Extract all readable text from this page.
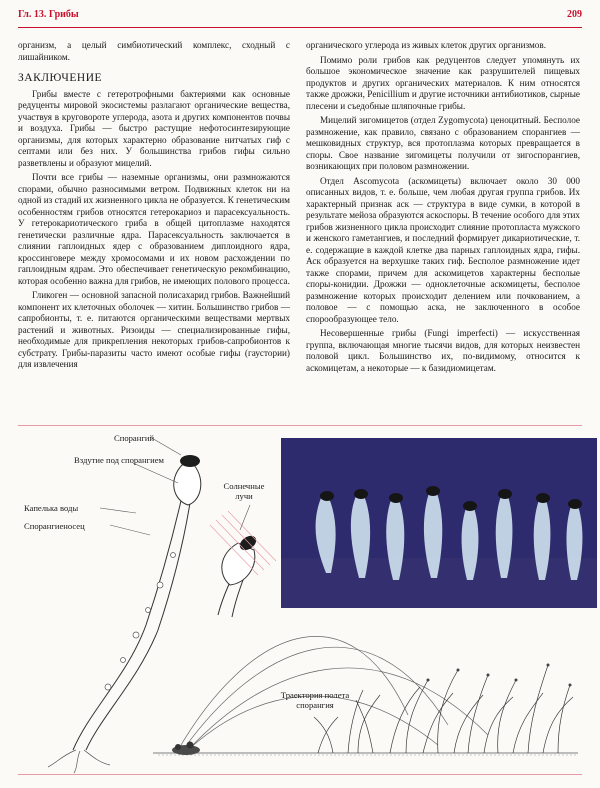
Гл. 13. Грибы	209

организм, а целый симбиотический комплекс, сходный с лишайником.

ЗАКЛЮЧЕНИЕ

Грибы вместе с гетеротрофными бактериями как основные редуценты мировой экосистемы разлагают органические вещества, участвуя в круговороте углерода, азота и других компонентов почвы и воздуха. Грибы — быстро растущие нефотосинтезирующие организмы, для которых характерно образование нитчатых гиф с септами или без них. У большинства грибов гифы сильно разветвлены и образуют мицелий.

Почти все грибы — наземные организмы, они размножаются спорами, обычно разносимыми ветром. Подвижных клеток ни на одной из стадий их жизненного цикла не образуется. К генетическим особенностям грибов относятся гетерокариоз и парасексуальность. У гетерокариотического гриба в общей цитоплазме находятся генетически различные ядра. Парасексуальность заключается в слиянии гаплоидных ядер с образованием диплоидного ядра, кроссинговере между хромосомами и их новом расхождении по гаплоидным ядрам. Это обеспечивает генетическую рекомбинацию, которая особенно важна для грибов, не имеющих полового процесса.

Гликоген — основной запасной полисахарид грибов. Важнейший компонент их клеточных оболочек — хитин. Большинство грибов — сапробионты, т. е. питаются органическими веществами мертвых растений и животных. Ризоиды — специализированные гифы, необходимые для прикрепления некоторых грибов-сапробионтов к субстрату. Грибы-паразиты часто имеют особые гифы (гаустории) для извлечения

органического углерода из живых клеток других организмов.

Помимо роли грибов как редуцентов следует упомянуть их большое экономическое значение как разрушителей пищевых продуктов и других органических материалов. К ним относятся также дрожжи, Penicillium и другие источники антибиотиков, сырные плесени и съедобные шляпочные грибы.

Мицелий зигомицетов (отдел Zygomycota) ценоцитный. Бесполое размножение, как правило, связано с образованием спорангиев — мешковидных структур, вся протоплазма которых превращается в споры. Свое название зигомицеты получили от зигоспорангиев, возникающих при половом размножении.

Отдел Ascomycota (аскомицеты) включает около 30 000 описанных видов, т. е. больше, чем любая другая группа грибов. Их характерный признак аск — структура в виде сумки, в которой в результате мейоза образуются аскоспоры. В течение особого для этих грибов жизненного цикла происходит слияние протопласта мужского и женского гаметангиев, и последний формирует дикариотические, т. е. содержащие в каждой клетке два парных гаплоидных ядра, гифы. Аск образуется на верхушке таких гиф. Бесполое размножение идет также спорами, причем для аскомицетов характерны бесполые споры-конидии. Дрожжи — одноклеточные аскомицеты, бесполое размножение которых происходит делением или почкованием, а половое — с помощью аска, не заключенного в особое спорообразующее тело.

Несовершенные грибы (Fungi imperfecti) — искусственная группа, включающая многие тысячи видов, для которых неизвестен половой цикл. Большинство их, по-видимому, относится к аскомицетам, а некоторые — к базидиомицетам.

Спорангий
Вздутие под спорангием
Капелька воды
Спорангиеносец
Солнечные лучи
Траектория полета спорангия
